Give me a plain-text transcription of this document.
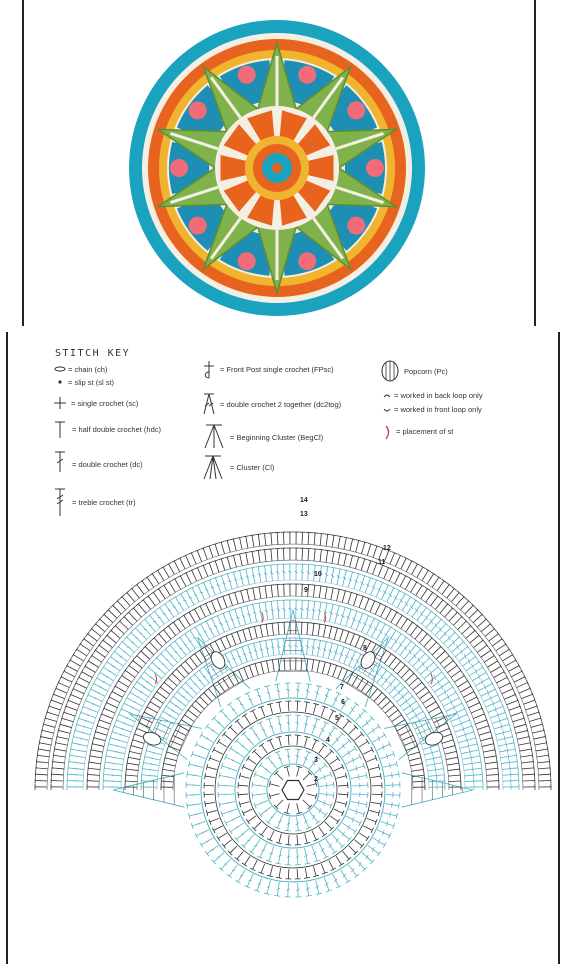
STITCH KEY
= chain (ch)
= slip st (sl st)
= single crochet (sc)
= half double crochet (hdc)
= double crochet (dc)
= treble crochet (tr)
= Front Post single crochet (FPsc)
= double crochet 2 together (dc2tog)
= Beginning Cluster (BegCl)
= Cluster (Cl)
Popcorn (Pc)
= worked in back loop only
= worked in front loop only
= placement of st
2
3
4
5
6
7
8
9
10
11
12
13
14
